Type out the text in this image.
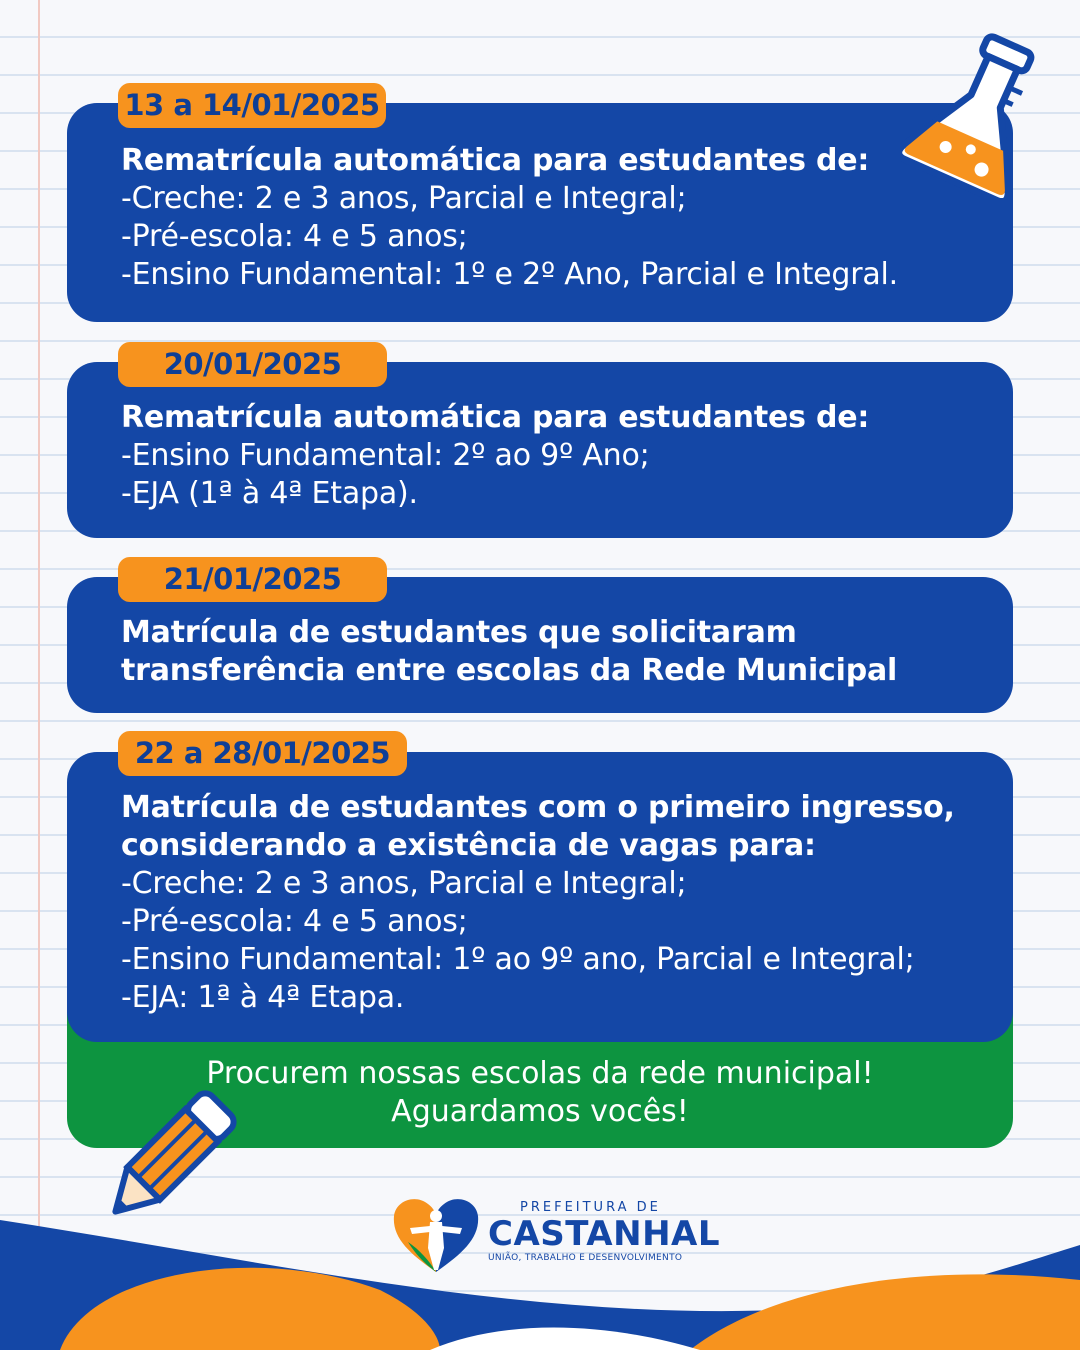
Rematrícula automática para estudantes de:

-Creche: 2 e 3 anos, Parcial e Integral;

-Pré-escola: 4 e 5 anos;

-Ensino Fundamental: 1º e 2º Ano, Parcial e Integral.

13 a 14/01/2025

Rematrícula automática para estudantes de:

-Ensino Fundamental: 2º ao 9º Ano;

-EJA (1ª à 4ª Etapa).

20/01/2025

Matrícula de estudantes que solicitaram

transferência entre escolas da Rede Municipal

21/01/2025
Procurem nossas escolas da rede municipal!
Aguardamos vocês!

Matrícula de estudantes com o primeiro ingresso,

considerando a existência de vagas para:

-Creche: 2 e 3 anos, Parcial e Integral;

-Pré-escola: 4 e 5 anos;

-Ensino Fundamental: 1º ao 9º ano, Parcial e Integral;

-EJA: 1ª à 4ª Etapa.

22 a 28/01/2025
PREFEITURA DE
CASTANHAL
UNIÃO, TRABALHO E DESENVOLVIMENTO
